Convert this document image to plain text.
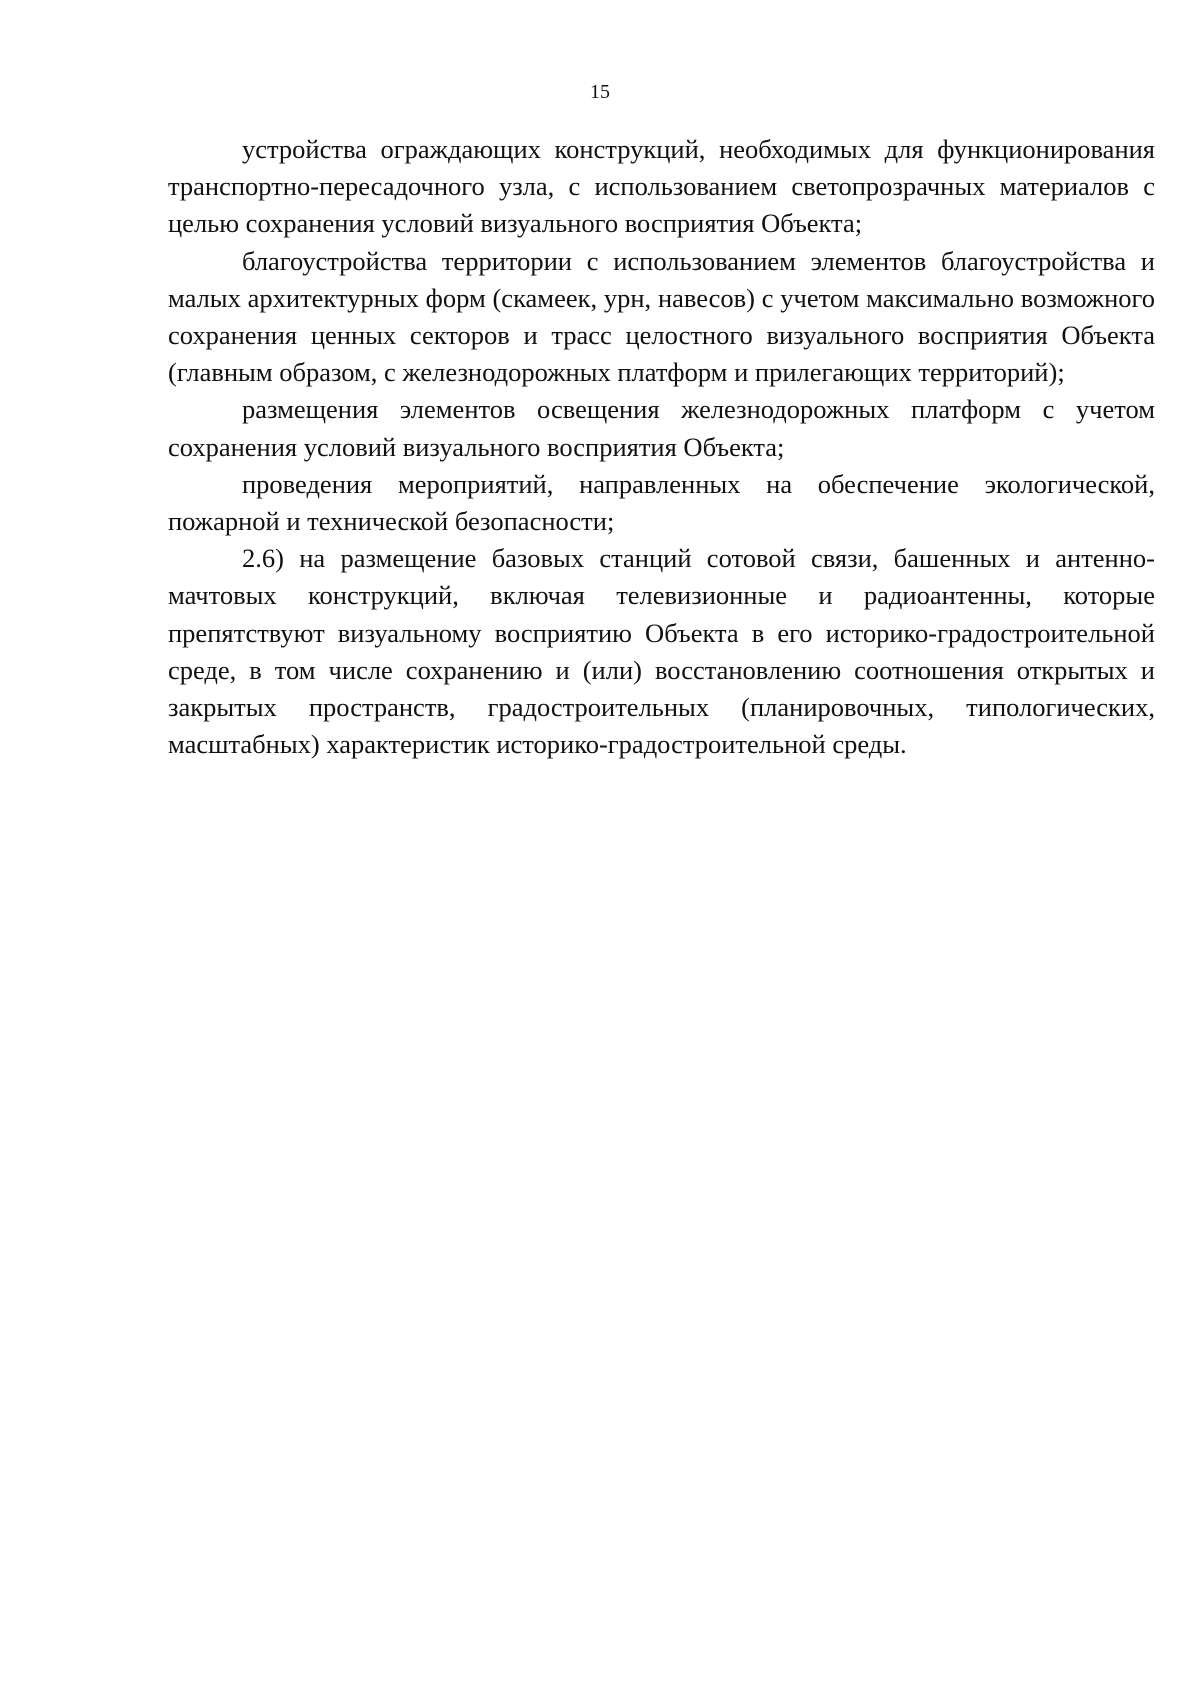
15

устройства ограждающих конструкций, необходимых для функционирования транспортно-пересадочного узла, с использованием светопрозрачных материалов с целью сохранения условий визуального восприятия Объекта;

благоустройства территории с использованием элементов благоустройства и малых архитектурных форм (скамеек, урн, навесов) с учетом максимально возможного сохранения ценных секторов и трасс целостного визуального восприятия Объекта (главным образом, с железнодорожных платформ и прилегающих территорий);

размещения элементов освещения железнодорожных платформ с учетом сохранения условий визуального восприятия Объекта;

проведения мероприятий, направленных на обеспечение экологической, пожарной и технической безопасности;

2.6) на размещение базовых станций сотовой связи, башенных и антенно-мачтовых конструкций, включая телевизионные и радиоантенны, которые препятствуют визуальному восприятию Объекта в его историко-градостроительной среде, в том числе сохранению и (или) восстановлению соотношения открытых и закрытых пространств, градостроительных (планировочных, типологических, масштабных) характеристик историко-градостроительной среды.
